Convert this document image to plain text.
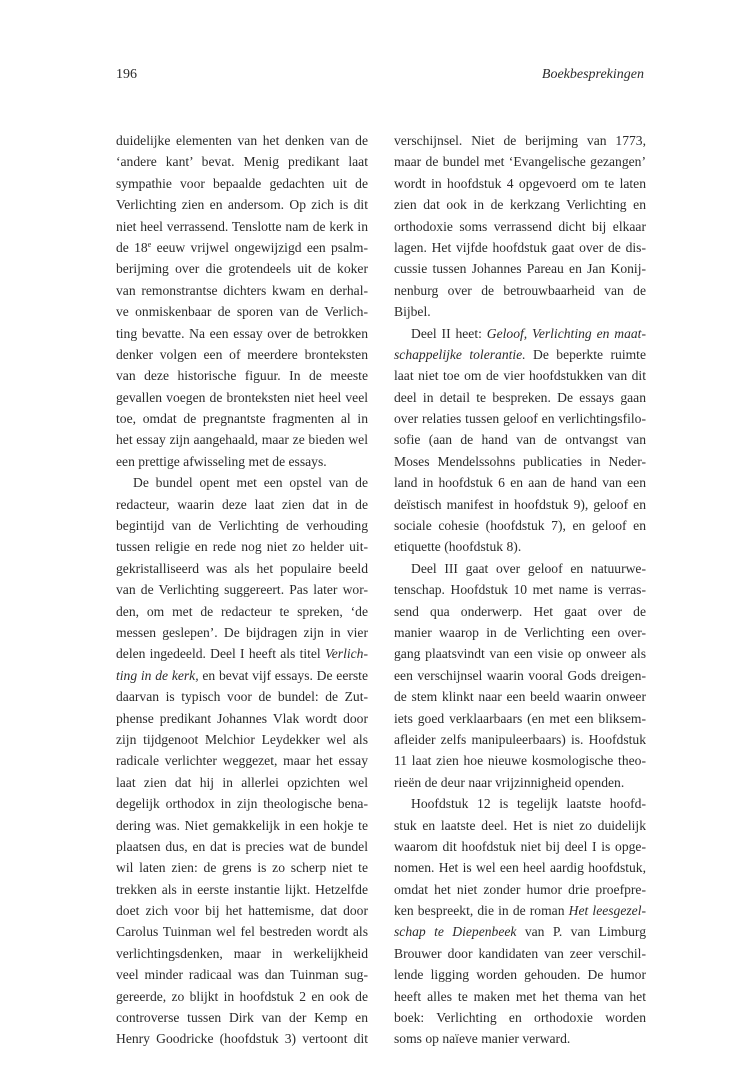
196	Boekbesprekingen
duidelijke elementen van het denken van de
‘andere kant’ bevat. Menig predikant laat
sympathie voor bepaalde gedachten uit de
Verlichting zien en andersom. Op zich is dit
niet heel verrassend. Tenslotte nam de kerk in
de 18e eeuw vrijwel ongewijzigd een psalm-
berijming over die grotendeels uit de koker
van remonstrantse dichters kwam en derhal-
ve onmiskenbaar de sporen van de Verlich-
ting bevatte. Na een essay over de betrokken
denker volgen een of meerdere bronteksten
van deze historische figuur. In de meeste
gevallen voegen de bronteksten niet heel veel
toe, omdat de pregnantste fragmenten al in
het essay zijn aangehaald, maar ze bieden wel
een prettige afwisseling met de essays.
De bundel opent met een opstel van de
redacteur, waarin deze laat zien dat in de
begintijd van de Verlichting de verhouding
tussen religie en rede nog niet zo helder uit-
gekristalliseerd was als het populaire beeld
van de Verlichting suggereert. Pas later wor-
den, om met de redacteur te spreken, ‘de
messen geslepen’. De bijdragen zijn in vier
delen ingedeeld. Deel I heeft als titel Verlich-
ting in de kerk, en bevat vijf essays. De eerste
daarvan is typisch voor de bundel: de Zut-
phense predikant Johannes Vlak wordt door
zijn tijdgenoot Melchior Leydekker wel als
radicale verlichter weggezet, maar het essay
laat zien dat hij in allerlei opzichten wel
degelijk orthodox in zijn theologische bena-
dering was. Niet gemakkelijk in een hokje te
plaatsen dus, en dat is precies wat de bundel
wil laten zien: de grens is zo scherp niet te
trekken als in eerste instantie lijkt. Hetzelfde
doet zich voor bij het hattemisme, dat door
Carolus Tuinman wel fel bestreden wordt als
verlichtingsdenken, maar in werkelijkheid
veel minder radicaal was dan Tuinman sug-
gereerde, zo blijkt in hoofdstuk 2 en ook de
controverse tussen Dirk van der Kemp en
Henry Goodricke (hoofdstuk 3) vertoont dit
verschijnsel. Niet de berijming van 1773,
maar de bundel met ‘Evangelische gezangen’
wordt in hoofdstuk 4 opgevoerd om te laten
zien dat ook in de kerkzang Verlichting en
orthodoxie soms verrassend dicht bij elkaar
lagen. Het vijfde hoofdstuk gaat over de dis-
cussie tussen Johannes Pareau en Jan Konij-
nenburg over de betrouwbaarheid van de
Bijbel.
Deel II heet: Geloof, Verlichting en maat-
schappelijke tolerantie. De beperkte ruimte
laat niet toe om de vier hoofdstukken van dit
deel in detail te bespreken. De essays gaan
over relaties tussen geloof en verlichtingsfilo-
sofie (aan de hand van de ontvangst van
Moses Mendelssohns publicaties in Neder-
land in hoofdstuk 6 en aan de hand van een
deïstisch manifest in hoofdstuk 9), geloof en
sociale cohesie (hoofdstuk 7), en geloof en
etiquette (hoofdstuk 8).
Deel III gaat over geloof en natuurwe-
tenschap. Hoofdstuk 10 met name is verras-
send qua onderwerp. Het gaat over de
manier waarop in de Verlichting een over-
gang plaatsvindt van een visie op onweer als
een verschijnsel waarin vooral Gods dreigen-
de stem klinkt naar een beeld waarin onweer
iets goed verklaarbaars (en met een bliksem-
afleider zelfs manipuleerbaars) is. Hoofdstuk
11 laat zien hoe nieuwe kosmologische theo-
rieën de deur naar vrijzinnigheid openden.
Hoofdstuk 12 is tegelijk laatste hoofd-
stuk en laatste deel. Het is niet zo duidelijk
waarom dit hoofdstuk niet bij deel I is opge-
nomen. Het is wel een heel aardig hoofdstuk,
omdat het niet zonder humor drie proefpre-
ken bespreekt, die in de roman Het leesgezel-
schap te Diepenbeek van P. van Limburg
Brouwer door kandidaten van zeer verschil-
lende ligging worden gehouden. De humor
heeft alles te maken met het thema van het
boek: Verlichting en orthodoxie worden
soms op naïeve manier verward.
